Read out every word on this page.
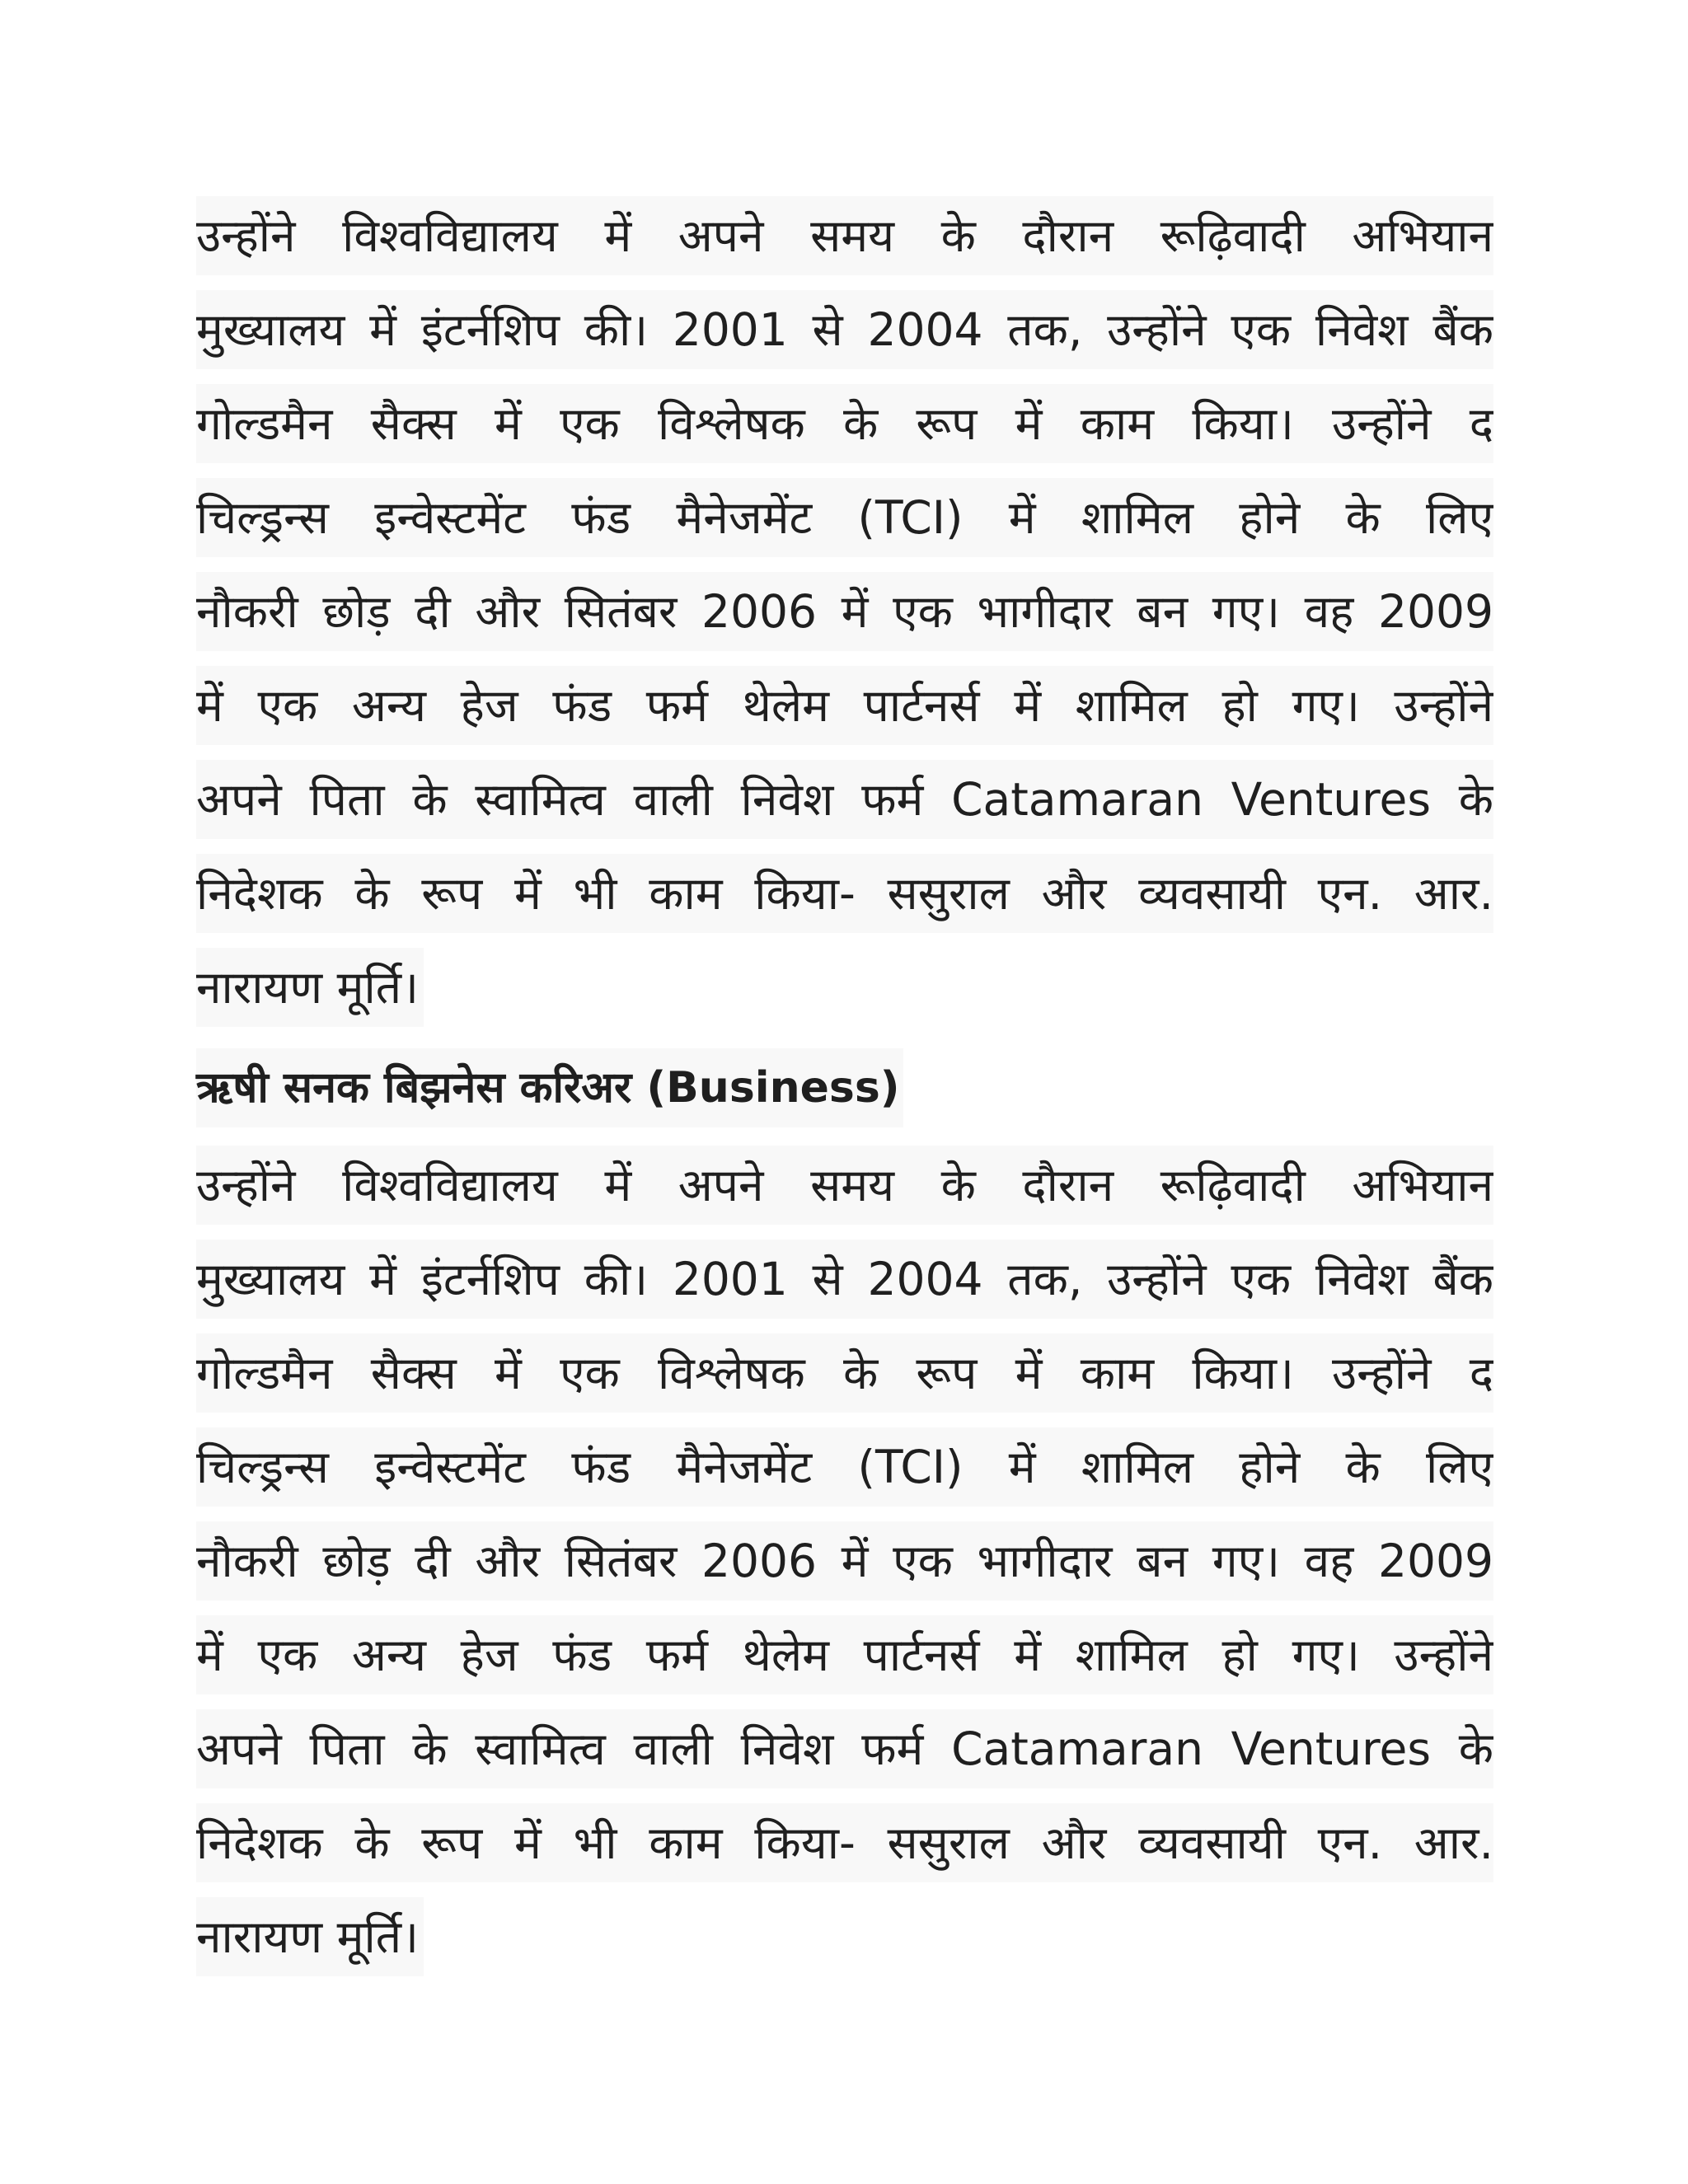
उन्होंने विश्वविद्यालय में अपने समय के दौरान रूढ़िवादी अभियान
मुख्यालय में इंटर्नशिप की। 2001 से 2004 तक, उन्होंने एक निवेश बैंक
गोल्डमैन सैक्स में एक विश्लेषक के रूप में काम किया। उन्होंने द
चिल्ड्रन्स इन्वेस्टमेंट फंड मैनेजमेंट (TCI) में शामिल होने के लिए
नौकरी छोड़ दी और सितंबर 2006 में एक भागीदार बन गए। वह 2009
में एक अन्य हेज फंड फर्म थेलेम पार्टनर्स में शामिल हो गए। उन्होंने
अपने पिता के स्वामित्व वाली निवेश फर्म Catamaran Ventures के
निदेशक के रूप में भी काम किया- ससुराल और व्यवसायी एन. आर.
नारायण मूर्ति।
ऋषी सनक बिझनेस करिअर (Business)
उन्होंने विश्वविद्यालय में अपने समय के दौरान रूढ़िवादी अभियान
मुख्यालय में इंटर्नशिप की। 2001 से 2004 तक, उन्होंने एक निवेश बैंक
गोल्डमैन सैक्स में एक विश्लेषक के रूप में काम किया। उन्होंने द
चिल्ड्रन्स इन्वेस्टमेंट फंड मैनेजमेंट (TCI) में शामिल होने के लिए
नौकरी छोड़ दी और सितंबर 2006 में एक भागीदार बन गए। वह 2009
में एक अन्य हेज फंड फर्म थेलेम पार्टनर्स में शामिल हो गए। उन्होंने
अपने पिता के स्वामित्व वाली निवेश फर्म Catamaran Ventures के
निदेशक के रूप में भी काम किया- ससुराल और व्यवसायी एन. आर.
नारायण मूर्ति।
